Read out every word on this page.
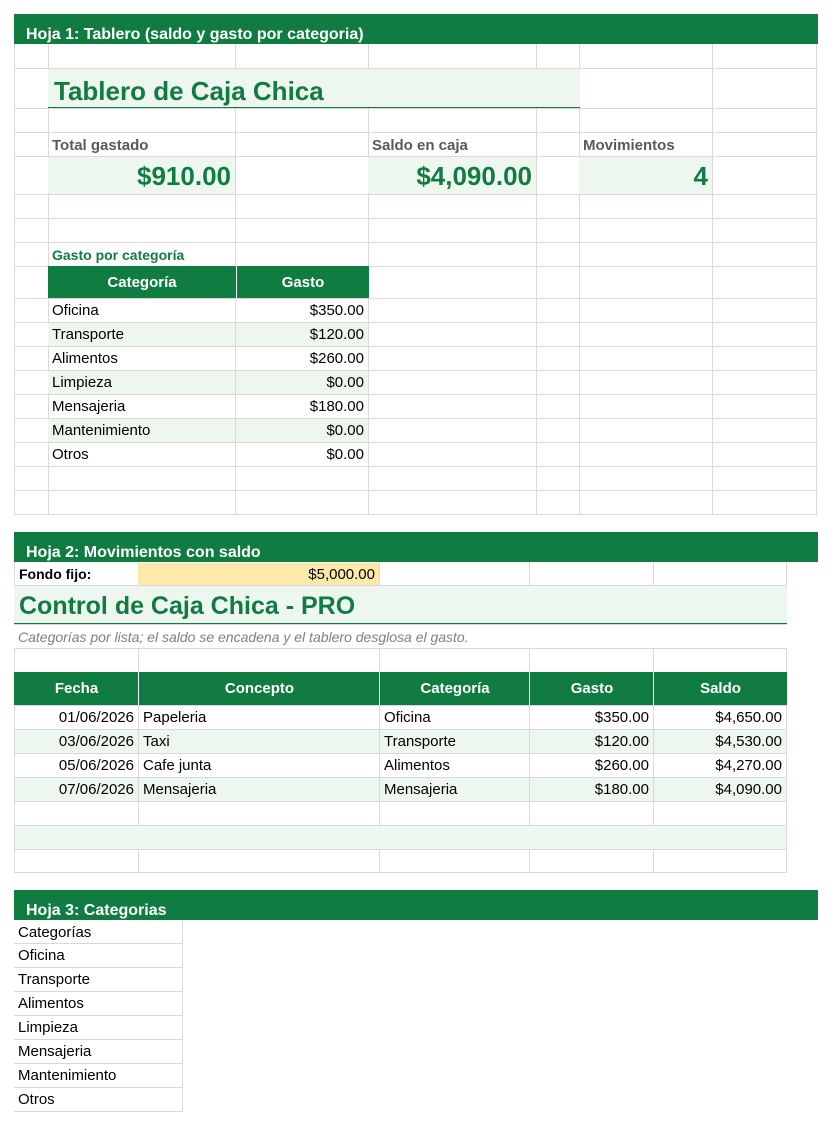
Hoja 1: Tablero (saldo y gasto por categoria)
Tablero de Caja Chica
Total gastado	Saldo en caja	Movimientos
$910.00	$4,090.00	4
Gasto por categoría
Categoría	Gasto
Oficina	$350.00
Transporte	$120.00
Alimentos	$260.00
Limpieza	$0.00
Mensajeria	$180.00
Mantenimiento	$0.00
Otros	$0.00
Hoja 2: Movimientos con saldo
Fondo fijo:	$5,000.00
Control de Caja Chica - PRO
Categorías por lista; el saldo se encadena y el tablero desglosa el gasto.
Fecha	Concepto	Categoría	Gasto	Saldo
01/06/2026 Papeleria	Oficina	$350.00	$4,650.00
03/06/2026 Taxi	Transporte	$120.00	$4,530.00
05/06/2026 Cafe junta	Alimentos	$260.00	$4,270.00
07/06/2026 Mensajeria	Mensajeria	$180.00	$4,090.00
Hoja 3: Categorias
Categorías
Oficina
Transporte
Alimentos
Limpieza
Mensajeria
Mantenimiento
Otros
